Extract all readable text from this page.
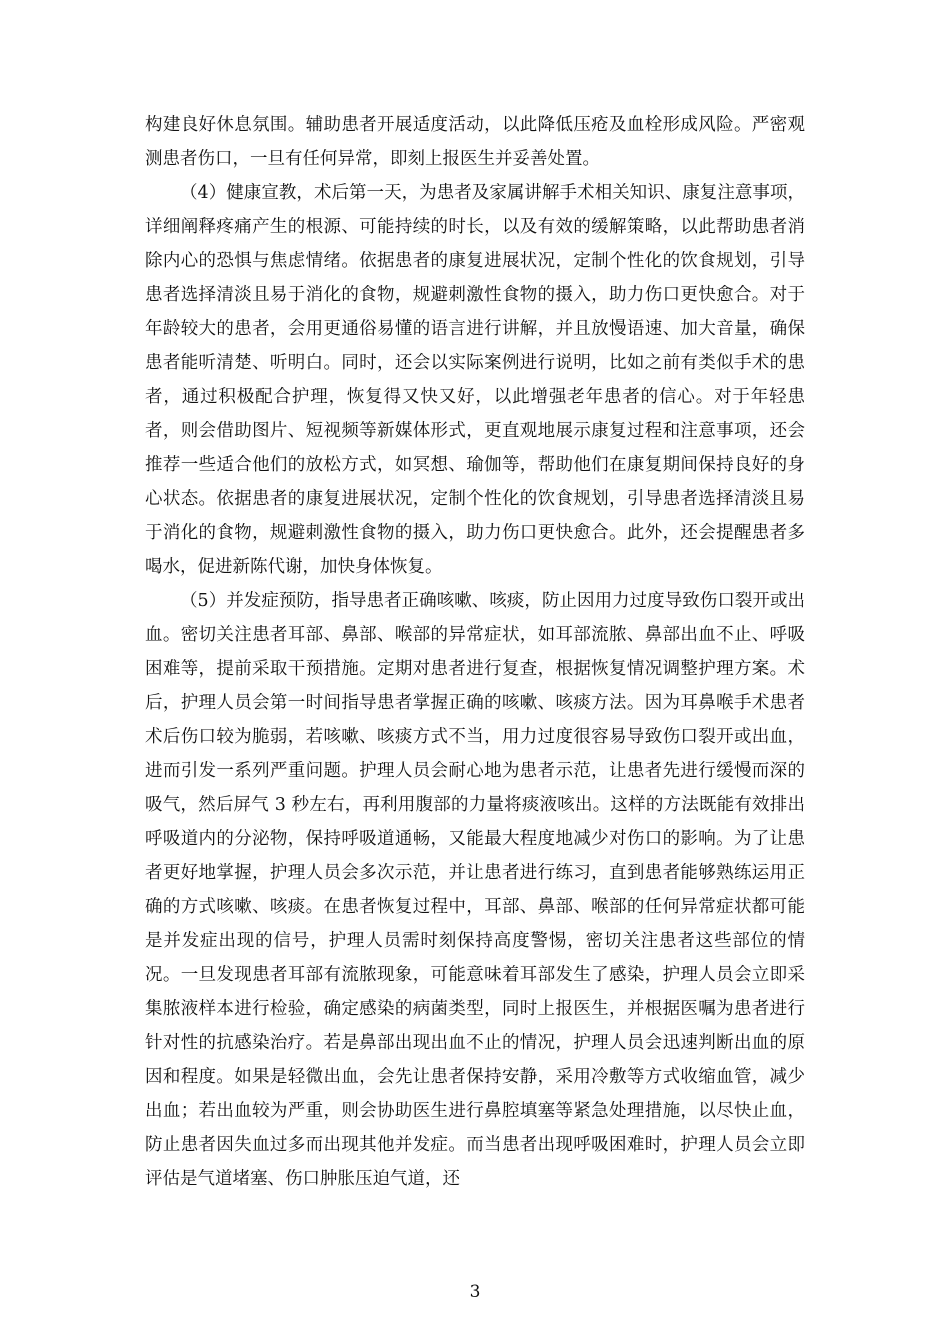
构建良好休息氛围。辅助患者开展适度活动，以此降低压疮及血栓形成风险。严密观测患者伤口，一旦有任何异常，即刻上报医生并妥善处置。

（4）健康宣教，术后第一天，为患者及家属讲解手术相关知识、康复注意事项，详细阐释疼痛产生的根源、可能持续的时长，以及有效的缓解策略，以此帮助患者消除内心的恐惧与焦虑情绪。依据患者的康复进展状况，定制个性化的饮食规划，引导患者选择清淡且易于消化的食物，规避刺激性食物的摄入，助力伤口更快愈合。对于年龄较大的患者，会用更通俗易懂的语言进行讲解，并且放慢语速、加大音量，确保患者能听清楚、听明白。同时，还会以实际案例进行说明，比如之前有类似手术的患者，通过积极配合护理，恢复得又快又好，以此增强老年患者的信心。对于年轻患者，则会借助图片、短视频等新媒体形式，更直观地展示康复过程和注意事项，还会推荐一些适合他们的放松方式，如冥想、瑜伽等，帮助他们在康复期间保持良好的身心状态。依据患者的康复进展状况，定制个性化的饮食规划，引导患者选择清淡且易于消化的食物，规避刺激性食物的摄入，助力伤口更快愈合。此外，还会提醒患者多喝水，促进新陈代谢，加快身体恢复。

（5）并发症预防，指导患者正确咳嗽、咳痰，防止因用力过度导致伤口裂开或出血。密切关注患者耳部、鼻部、喉部的异常症状，如耳部流脓、鼻部出血不止、呼吸困难等，提前采取干预措施。定期对患者进行复查，根据恢复情况调整护理方案。术后，护理人员会第一时间指导患者掌握正确的咳嗽、咳痰方法。因为耳鼻喉手术患者术后伤口较为脆弱，若咳嗽、咳痰方式不当，用力过度很容易导致伤口裂开或出血，进而引发一系列严重问题。护理人员会耐心地为患者示范，让患者先进行缓慢而深的吸气，然后屏气 3 秒左右，再利用腹部的力量将痰液咳出。这样的方法既能有效排出呼吸道内的分泌物，保持呼吸道通畅，又能最大程度地减少对伤口的影响。为了让患者更好地掌握，护理人员会多次示范，并让患者进行练习，直到患者能够熟练运用正确的方式咳嗽、咳痰。在患者恢复过程中，耳部、鼻部、喉部的任何异常症状都可能是并发症出现的信号，护理人员需时刻保持高度警惕，密切关注患者这些部位的情况。一旦发现患者耳部有流脓现象，可能意味着耳部发生了感染，护理人员会立即采集脓液样本进行检验，确定感染的病菌类型，同时上报医生，并根据医嘱为患者进行针对性的抗感染治疗。若是鼻部出现出血不止的情况，护理人员会迅速判断出血的原因和程度。如果是轻微出血，会先让患者保持安静，采用冷敷等方式收缩血管，减少出血；若出血较为严重，则会协助医生进行鼻腔填塞等紧急处理措施，以尽快止血，防止患者因失血过多而出现其他并发症。而当患者出现呼吸困难时，护理人员会立即评估是气道堵塞、伤口肿胀压迫气道，还

3
